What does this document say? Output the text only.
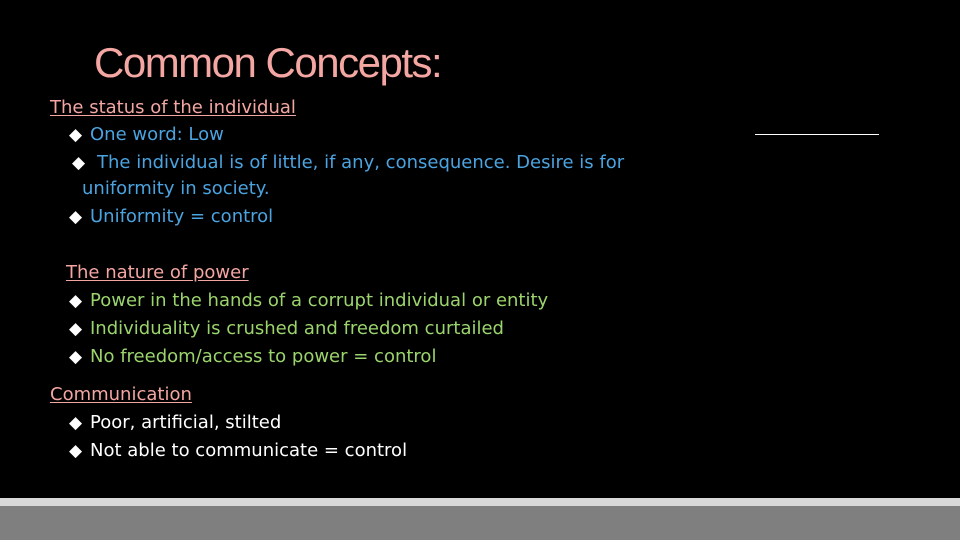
Common Concepts:
The status of the individual
◆ One word: Low
◆ The individual is of little, if any, consequence. Desire is for uniformity in society.
◆ Uniformity = control
The nature of power
◆ Power in the hands of a corrupt individual or entity
◆ Individuality is crushed and freedom curtailed
◆ No freedom/access to power = control
Communication
◆ Poor, artificial, stilted
◆ Not able to communicate = control
